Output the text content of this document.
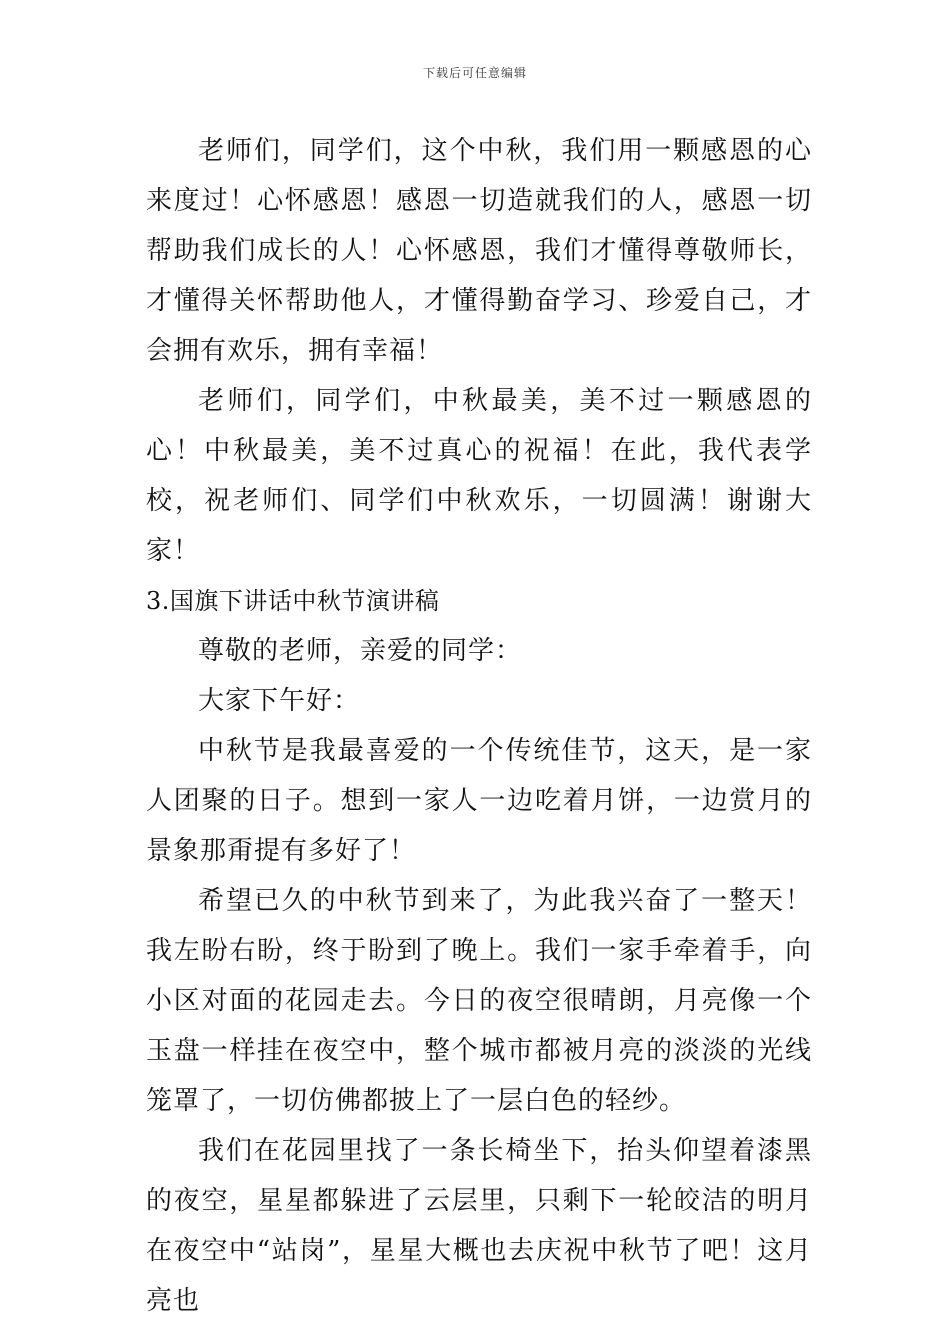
下载后可任意编辑

老师们，同学们，这个中秋，我们用一颗感恩的心来度过！心怀感恩！感恩一切造就我们的人，感恩一切帮助我们成长的人！心怀感恩，我们才懂得尊敬师长，才懂得关怀帮助他人，才懂得勤奋学习、珍爱自己，才会拥有欢乐，拥有幸福！

老师们，同学们，中秋最美，美不过一颗感恩的心！中秋最美，美不过真心的祝福！在此，我代表学校，祝老师们、同学们中秋欢乐，一切圆满！谢谢大家！

3.国旗下讲话中秋节演讲稿

尊敬的老师，亲爱的同学：

大家下午好：

中秋节是我最喜爱的一个传统佳节，这天，是一家人团聚的日子。想到一家人一边吃着月饼，一边赏月的景象那甭提有多好了！

希望已久的中秋节到来了，为此我兴奋了一整天！我左盼右盼，终于盼到了晚上。我们一家手牵着手，向小区对面的花园走去。今日的夜空很晴朗，月亮像一个玉盘一样挂在夜空中，整个城市都被月亮的淡淡的光线笼罩了，一切仿佛都披上了一层白色的轻纱。

我们在花园里找了一条长椅坐下，抬头仰望着漆黑的夜空，星星都躲进了云层里，只剩下一轮皎洁的明月在夜空中“站岗”，星星大概也去庆祝中秋节了吧！这月亮也
